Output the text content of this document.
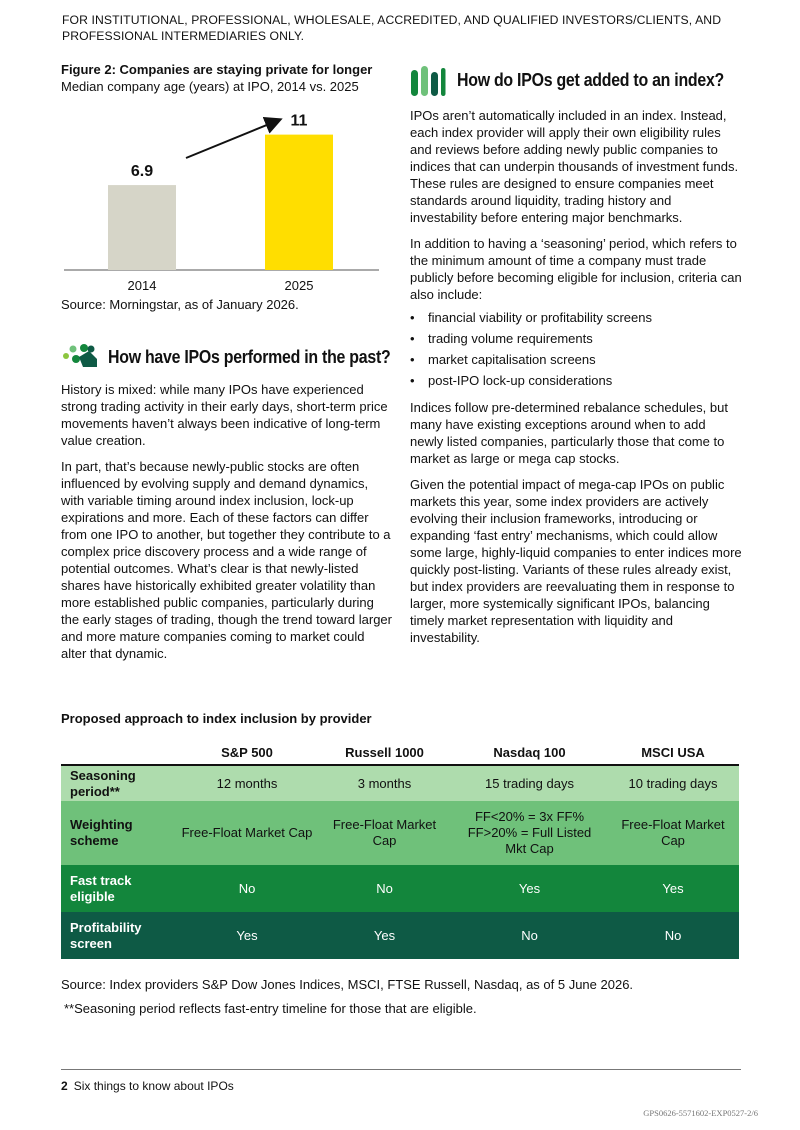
FOR INSTITUTIONAL, PROFESSIONAL, WHOLESALE, ACCREDITED, AND QUALIFIED INVESTORS/CLIENTS, AND PROFESSIONAL INTERMEDIARIES ONLY.
Figure 2: Companies are staying private for longer
Median company age (years) at IPO, 2014 vs. 2025
6.9
2014
11
2025
Source: Morningstar, as of January 2026.
How have IPOs performed in the past?

History is mixed: while many IPOs have experienced strong trading activity in their early days, short-term price movements haven’t always been indicative of long-term value creation.

In part, that’s because newly-public stocks are often influenced by evolving supply and demand dynamics, with variable timing around index inclusion, lock-up expirations and more. Each of these factors can differ from one IPO to another, but together they contribute to a complex price discovery process and a wide range of potential outcomes. What’s clear is that newly-listed shares have historically exhibited greater volatility than more established public companies, particularly during the early stages of trading, though the trend toward larger and more mature companies coming to market could alter that dynamic.

How do IPOs get added to an index?

IPOs aren’t automatically included in an index. Instead, each index provider will apply their own eligibility rules and reviews before adding newly public companies to indices that can underpin thousands of investment funds. These rules are designed to ensure companies meet standards around liquidity, trading history and investability before entering major benchmarks.

In addition to having a ‘seasoning’ period, which refers to the minimum amount of time a company must trade publicly before becoming eligible for inclusion, criteria can also include:

• financial viability or profitability screens
• trading volume requirements
• market capitalisation screens
• post-IPO lock-up considerations

Indices follow pre-determined rebalance schedules, but many have existing exceptions around when to add newly listed companies, particularly those that come to market as large or mega cap stocks.

Given the potential impact of mega-cap IPOs on public markets this year, some index providers are actively evolving their inclusion frameworks, introducing or expanding ‘fast entry’ mechanisms, which could allow some large, highly-liquid companies to enter indices more quickly post-listing. Variants of these rules already exist, but index providers are reevaluating them in response to larger, more systemically significant IPOs, balancing timely market representation with liquidity and investability.

Proposed approach to index inclusion by provider
	S&P 500	Russell 1000	Nasdaq 100	MSCI USA
Seasoning period**	12 months	3 months	15 trading days	10 trading days
Weighting scheme	Free-Float Market Cap	Free-Float Market Cap	FF<20% = 3x FF% FF>20% = Full Listed Mkt Cap	Free-Float Market Cap
Fast track eligible	No	No	Yes	Yes
Profitability screen	Yes	Yes	No	No
Source: Index providers S&P Dow Jones Indices, MSCI, FTSE Russell, Nasdaq, as of 5 June 2026.
**Seasoning period reflects fast-entry timeline for those that are eligible.
2 Six things to know about IPOs
GPS0626-5571602-EXP0527-2/6
